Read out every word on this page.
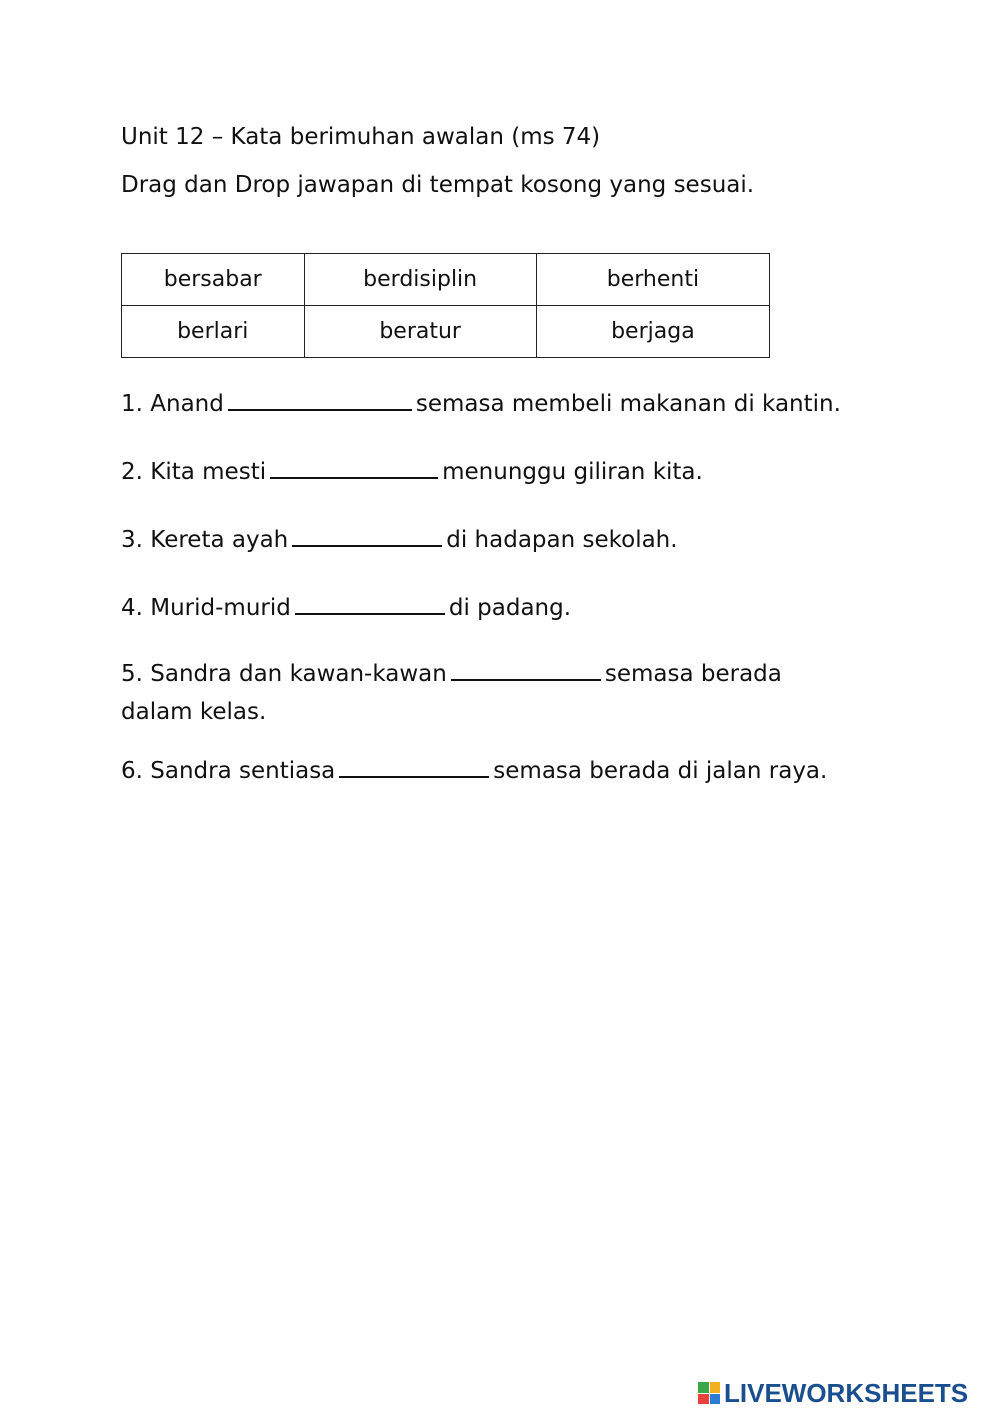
Unit 12 – Kata berimuhan awalan (ms 74)
Drag dan Drop jawapan di tempat kosong yang sesuai.
bersabar	berdisiplin	berhenti
berlari	beratur	berjaga
1. Anand	semasa membeli makanan di kantin.
2. Kita mesti	menunggu giliran kita.
3. Kereta ayah	di hadapan sekolah.
4. Murid-murid	di padang.
5. Sandra dan kawan-kawan	semasa berada dalam kelas.
6. Sandra sentiasa	semasa berada di jalan raya.
LIVEWORKSHEETS
